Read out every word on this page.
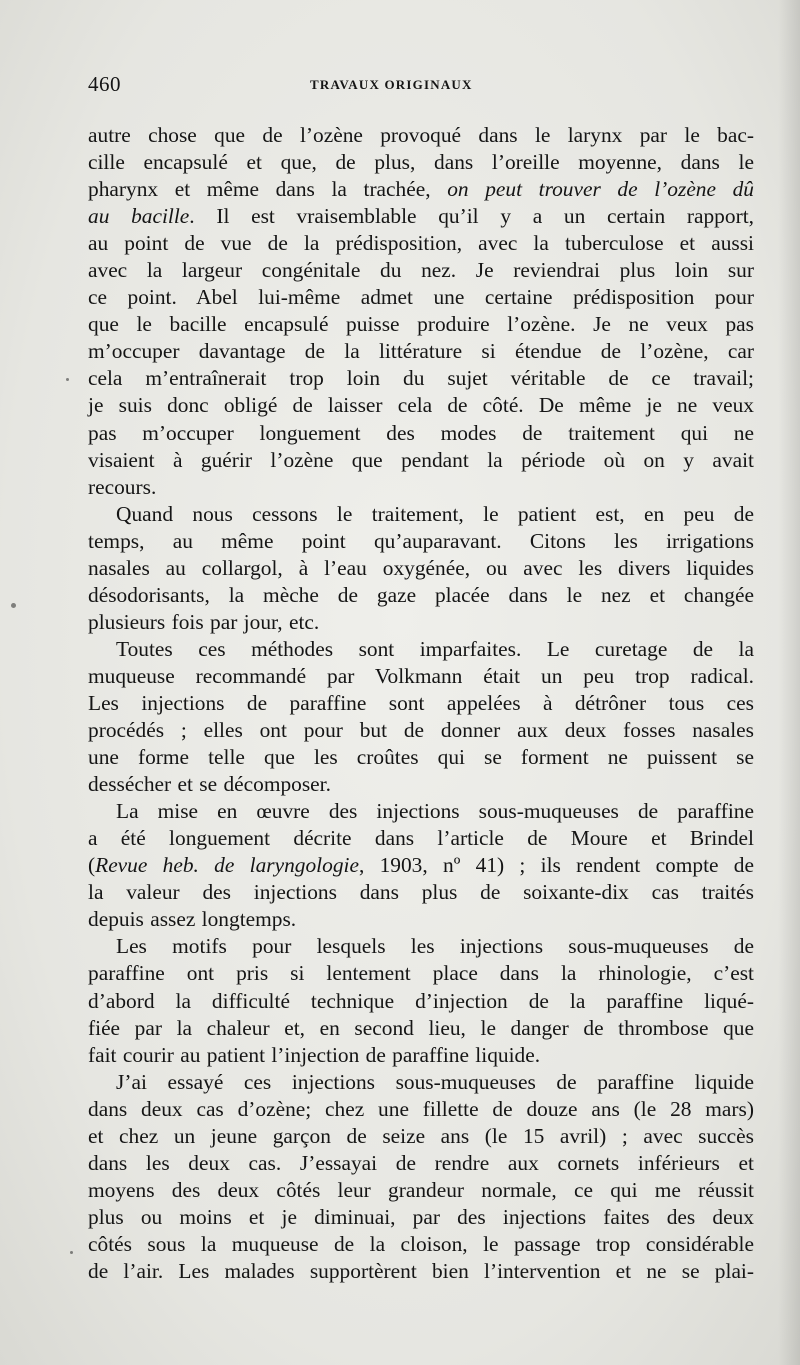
460	TRAVAUX ORIGINAUX
autre chose que de l’ozène provoqué dans le larynx par le bac-
cille encapsulé et que, de plus, dans l’oreille moyenne, dans le
pharynx et même dans la trachée, on peut trouver de l’ozène dû
au bacille. Il est vraisemblable qu’il y a un certain rapport,
au point de vue de la prédisposition, avec la tuberculose et aussi
avec la largeur congénitale du nez. Je reviendrai plus loin sur
ce point. Abel lui-même admet une certaine prédisposition pour
que le bacille encapsulé puisse produire l’ozène. Je ne veux pas
m’occuper davantage de la littérature si étendue de l’ozène, car
cela m’entraînerait trop loin du sujet véritable de ce travail;
je suis donc obligé de laisser cela de côté. De même je ne veux
pas m’occuper longuement des modes de traitement qui ne
visaient à guérir l’ozène que pendant la période où on y avait
recours.
Quand nous cessons le traitement, le patient est, en peu de
temps, au même point qu’auparavant. Citons les irrigations
nasales au collargol, à l’eau oxygénée, ou avec les divers liquides
désodorisants, la mèche de gaze placée dans le nez et changée
plusieurs fois par jour, etc.
Toutes ces méthodes sont imparfaites. Le curetage de la
muqueuse recommandé par Volkmann était un peu trop radical.
Les injections de paraffine sont appelées à détrôner tous ces
procédés ; elles ont pour but de donner aux deux fosses nasales
une forme telle que les croûtes qui se forment ne puissent se
dessécher et se décomposer.
La mise en œuvre des injections sous-muqueuses de paraffine
a été longuement décrite dans l’article de Moure et Brindel
(Revue heb. de laryngologie, 1903, nº 41) ; ils rendent compte de
la valeur des injections dans plus de soixante-dix cas traités
depuis assez longtemps.
Les motifs pour lesquels les injections sous-muqueuses de
paraffine ont pris si lentement place dans la rhinologie, c’est
d’abord la difficulté technique d’injection de la paraffine liqué-
fiée par la chaleur et, en second lieu, le danger de thrombose que
fait courir au patient l’injection de paraffine liquide.
J’ai essayé ces injections sous-muqueuses de paraffine liquide
dans deux cas d’ozène; chez une fillette de douze ans (le 28 mars)
et chez un jeune garçon de seize ans (le 15 avril) ; avec succès
dans les deux cas. J’essayai de rendre aux cornets inférieurs et
moyens des deux côtés leur grandeur normale, ce qui me réussit
plus ou moins et je diminuai, par des injections faites des deux
côtés sous la muqueuse de la cloison, le passage trop considérable
de l’air. Les malades supportèrent bien l’intervention et ne se plai-
